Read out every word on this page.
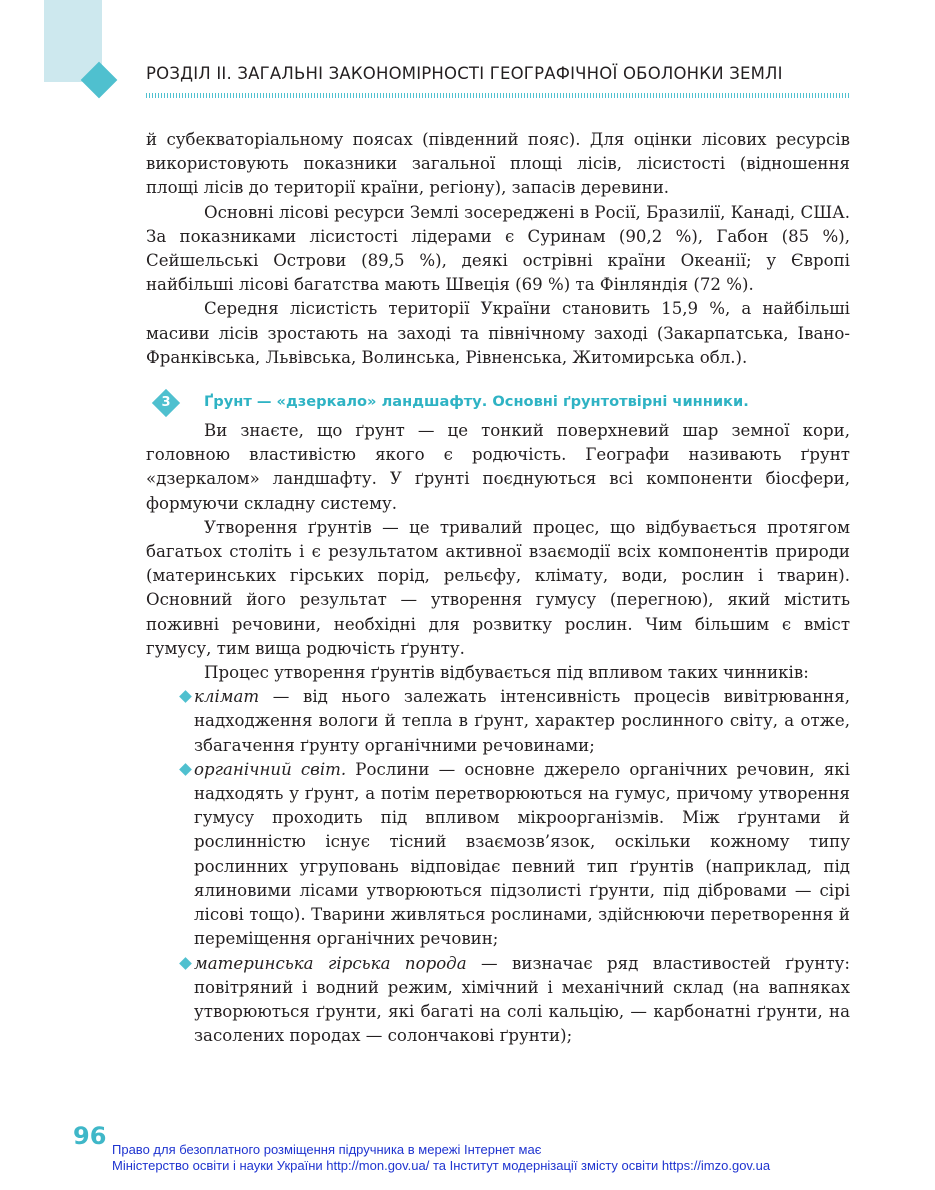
РОЗДІЛ ІІ. ЗАГАЛЬНІ ЗАКОНОМІРНОСТІ ГЕОГРАФІЧНОЇ ОБОЛОНКИ ЗЕМЛІ

й субекваторіальному поясах (південний пояс). Для оцінки лісових ресурсів використовують показники загальної площі лісів, лісистості (відношення площі лісів до території країни, регіону), запасів деревини.

Основні лісові ресурси Землі зосереджені в Росії, Бразилії, Канаді, США. За показниками лісистості лідерами є Суринам (90,2 %), Габон (85 %), Сейшельські Острови (89,5 %), деякі острівні країни Океанії; у Європі найбільші лісові багатства мають Швеція (69 %) та Фінляндія (72 %).

Середня лісистість території України становить 15,9 %, а найбільші масиви лісів зростають на заході та північному заході (Закарпатська, Івано-Франківська, Львівська, Волинська, Рівненська, Житомирська обл.).

3	Ґрунт — «дзеркало» ландшафту. Основні ґрунтотвірні чинники.

Ви знаєте, що ґрунт — це тонкий поверхневий шар земної кори, головною властивістю якого є родючість. Географи називають ґрунт «дзеркалом» ландшафту. У ґрунті поєднуються всі компоненти біосфери, формуючи складну систему.

Утворення ґрунтів — це тривалий процес, що відбувається протягом багатьох століть і є результатом активної взаємодії всіх компонентів природи (материнських гірських порід, рельєфу, клімату, води, рослин і тварин). Основний його результат — утворення гумусу (перегною), який містить поживні речовини, необхідні для розвитку рослин. Чим більшим є вміст гумусу, тим вища родючість ґрунту.

Процес утворення ґрунтів відбувається під впливом таких чинників:

клімат — від нього залежать інтенсивність процесів вивітрювання, надходження вологи й тепла в ґрунт, характер рослинного світу, а отже, збагачення ґрунту органічними речовинами;
органічний світ. Рослини — основне джерело органічних речовин, які надходять у ґрунт, а потім перетворюються на гумус, причому утворення гумусу проходить під впливом мікроорганізмів. Між ґрунтами й рослинністю існує тісний взаємозв’язок, оскільки кожному типу рослинних угруповань відповідає певний тип ґрунтів (наприклад, під ялиновими лісами утворюються підзолисті ґрунти, під дібровами — сірі лісові тощо). Тварини живляться рослинами, здійснюючи перетворення й переміщення органічних речовин;
материнська гірська порода — визначає ряд властивостей ґрунту: повітряний і водний режим, хімічний і механічний склад (на вапняках утворюються ґрунти, які багаті на солі кальцію, — карбонатні ґрунти, на засолених породах — солончакові ґрунти);
96 Право для безоплатного розміщення підручника в мережі Інтернет має
Міністерство освіти і науки України http://mon.gov.ua/ та Інститут модернізації змісту освіти https://imzo.gov.ua
